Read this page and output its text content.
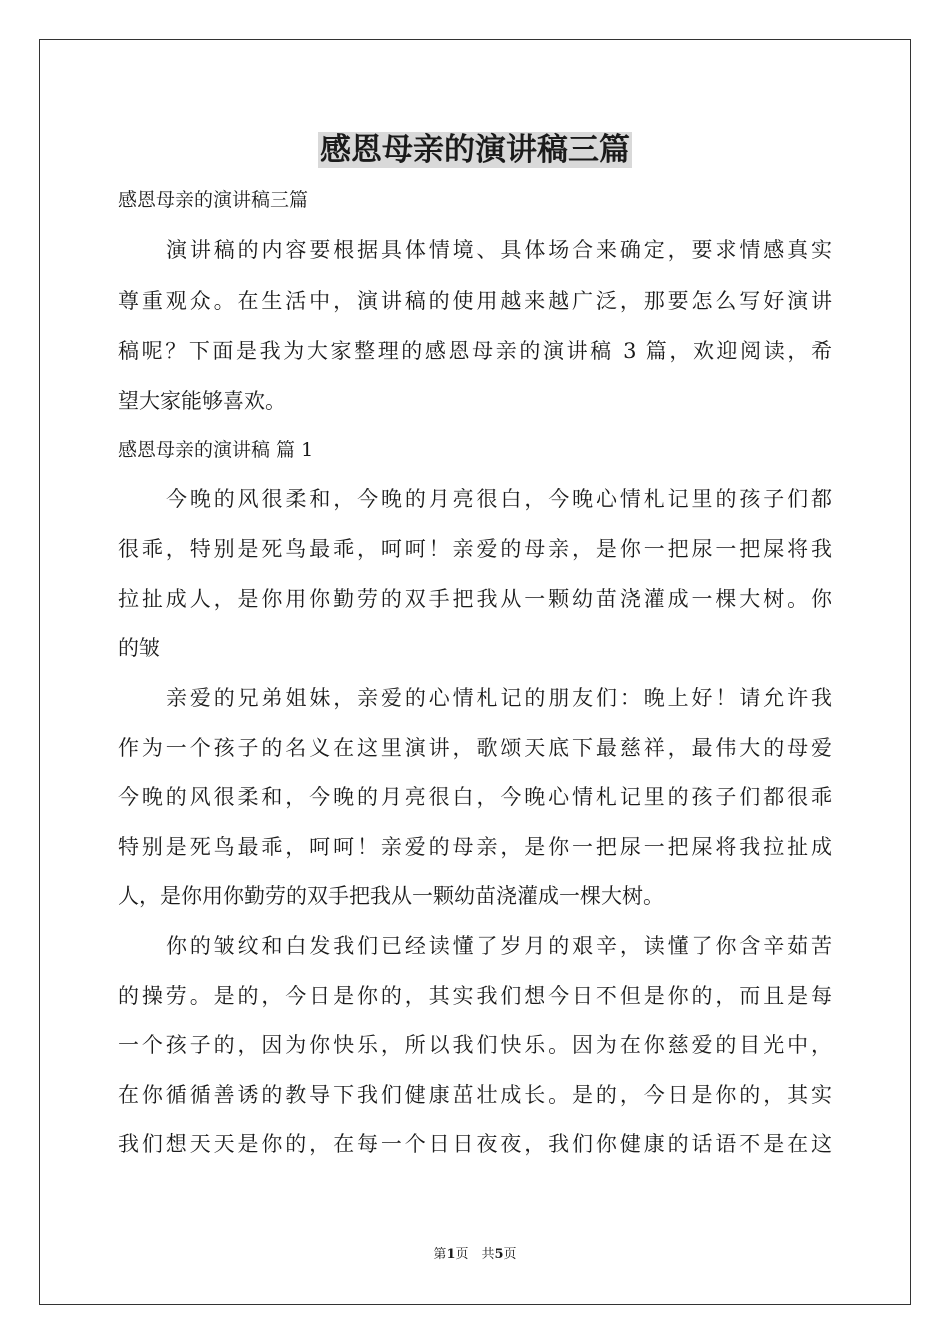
感恩母亲的演讲稿三篇

感恩母亲的演讲稿三篇

演讲稿的内容要根据具体情境、具体场合来确定，要求情感真实

尊重观众。在生活中，演讲稿的使用越来越广泛，那要怎么写好演讲

稿呢？下面是我为大家整理的感恩母亲的演讲稿 3 篇，欢迎阅读，希

望大家能够喜欢。

感恩母亲的演讲稿 篇 1

今晚的风很柔和，今晚的月亮很白，今晚心情札记里的孩子们都

很乖，特别是死鸟最乖，呵呵！亲爱的母亲，是你一把尿一把屎将我

拉扯成人，是你用你勤劳的双手把我从一颗幼苗浇灌成一棵大树。你

的皱

亲爱的兄弟姐妹，亲爱的心情札记的朋友们：晚上好！请允许我

作为一个孩子的名义在这里演讲，歌颂天底下最慈祥，最伟大的母爱

今晚的风很柔和，今晚的月亮很白，今晚心情札记里的孩子们都很乖

特别是死鸟最乖，呵呵！亲爱的母亲，是你一把尿一把屎将我拉扯成

人，是你用你勤劳的双手把我从一颗幼苗浇灌成一棵大树。

你的皱纹和白发我们已经读懂了岁月的艰辛，读懂了你含辛茹苦

的操劳。是的，今日是你的，其实我们想今日不但是你的，而且是每

一个孩子的，因为你快乐，所以我们快乐。因为在你慈爱的目光中，

在你循循善诱的教导下我们健康茁壮成长。是的，今日是你的，其实

我们想天天是你的，在每一个日日夜夜，我们你健康的话语不是在这

第1页　共5页
